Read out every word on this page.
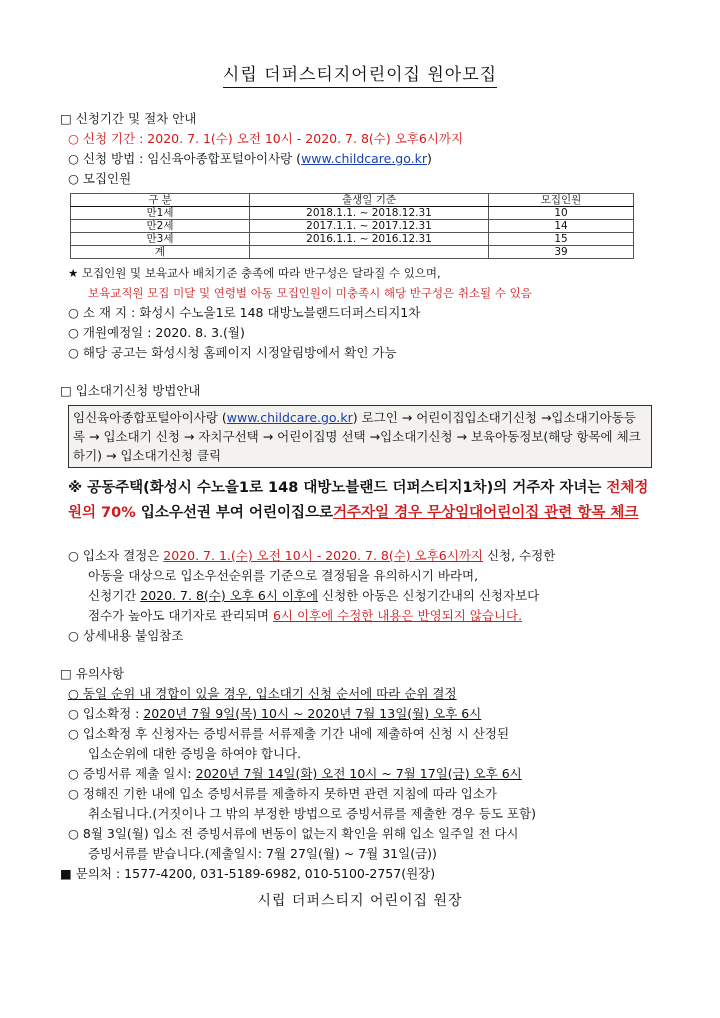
시립 더퍼스티지어린이집 원아모집
□ 신청기간 및 절차 안내
○ 신청 기간 : 2020. 7. 1(수) 오전 10시 - 2020. 7. 8(수) 오후6시까지
○ 신청 방법 : 임신육아종합포털아이사랑 (www.childcare.go.kr)
○ 모집인원
구 분	출생일 기준	모집인원
만1세	2018.1.1. ~ 2018.12.31	10
만2세	2017.1.1. ~ 2017.12.31	14
만3세	2016.1.1. ~ 2016.12.31	15
계		39
★ 모집인원 및 보육교사 배치기준 충족에 따라 반구성은 달라질 수 있으며,
보육교직원 모집 미달 및 연령별 아동 모집인원이 미충족시 해당 반구성은 취소될 수 있음
○ 소 재 지 : 화성시 수노을1로 148 대방노블랜드더퍼스티지1차
○ 개원예정일 : 2020. 8. 3.(월)
○ 해당 공고는 화성시청 홈페이지 시정알림방에서 확인 가능
□ 입소대기신청 방법안내
임신육아종합포털아이사랑 (www.childcare.go.kr) 로그인 → 어린이집입소대기신청 →입소대기아동등록 → 입소대기 신청 → 자치구선택 → 어린이집명 선택 →입소대기신청 → 보육아동정보(해당 항목에 체크하기) → 입소대기신청 클릭
※ 공동주택(화성시 수노을1로 148 대방노블랜드 더퍼스티지1차)의 거주자 자녀는 전체정원의 70% 입소우선권 부여 어린이집으로거주자일 경우 무상임대어린이집 관련 항목 체크
○ 입소자 결정은 2020. 7. 1.(수) 오전 10시 - 2020. 7. 8(수) 오후6시까지 신청, 수정한
아동을 대상으로 입소우선순위를 기준으로 결정됨을 유의하시기 바라며,
신청기간 2020. 7. 8(수) 오후 6시 이후에 신청한 아동은 신청기간내의 신청자보다
점수가 높아도 대기자로 관리되며 6시 이후에 수정한 내용은 반영되지 않습니다.
○ 상세내용 붙임참조
□ 유의사항
○ 동일 순위 내 경합이 있을 경우, 입소대기 신청 순서에 따라 순위 결정
○ 입소확정 : 2020년 7월 9일(목) 10시 ~ 2020년 7월 13일(월) 오후 6시
○ 입소확정 후 신청자는 증빙서류를 서류제출 기간 내에 제출하여 신청 시 산정된
입소순위에 대한 증빙을 하여야 합니다.
○ 증빙서류 제출 일시: 2020년 7월 14일(화) 오전 10시 ~ 7월 17일(금) 오후 6시
○ 정해진 기한 내에 입소 증빙서류를 제출하지 못하면 관련 지침에 따라 입소가
취소됩니다.(거짓이나 그 밖의 부정한 방법으로 증빙서류를 제출한 경우 등도 포함)
○ 8월 3일(월) 입소 전 증빙서류에 변동이 없는지 확인을 위해 입소 일주일 전 다시
증빙서류를 받습니다.(제출일시: 7월 27일(월) ~ 7월 31일(금))
■ 문의처 : 1577-4200, 031-5189-6982, 010-5100-2757(원장)
시립 더퍼스티지 어린이집 원장
